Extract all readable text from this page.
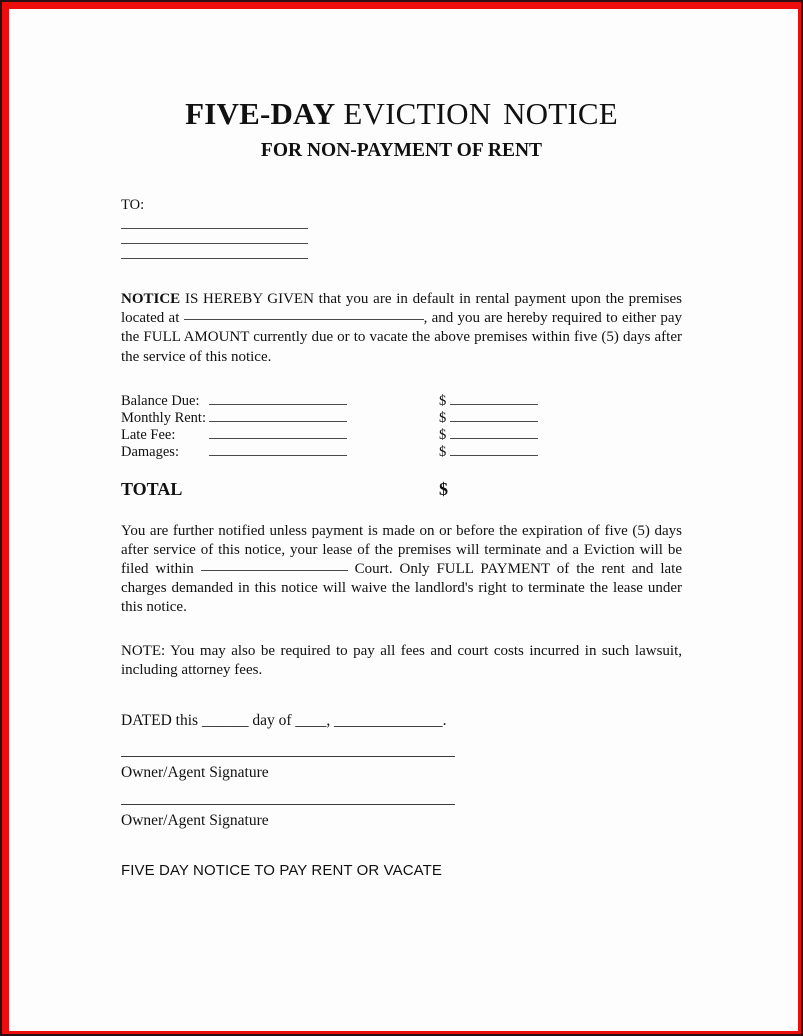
FIVE-DAY EVICTION NOTICE
FOR NON-PAYMENT OF RENT

TO:

NOTICE IS HEREBY GIVEN that you are in default in rental payment upon the premises located at	, and you are hereby required to either pay the FULL AMOUNT currently due or to vacate the above premises within five (5) days after the service of this notice.

Balance Due:	$
Monthly Rent:	$
Late Fee:	$
Damages:	$
TOTAL	$

You are further notified unless payment is made on or before the expiration of five (5) days after service of this notice, your lease of the premises will terminate and a Eviction will be filed within	Court. Only FULL PAYMENT of the rent and late charges demanded in this notice will waive the landlord's right to terminate the lease under this notice.

NOTE: You may also be required to pay all fees and court costs incurred in such lawsuit, including attorney fees.

DATED this ______ day of ____, ______________.

Owner/Agent Signature

Owner/Agent Signature

FIVE DAY NOTICE TO PAY RENT OR VACATE
